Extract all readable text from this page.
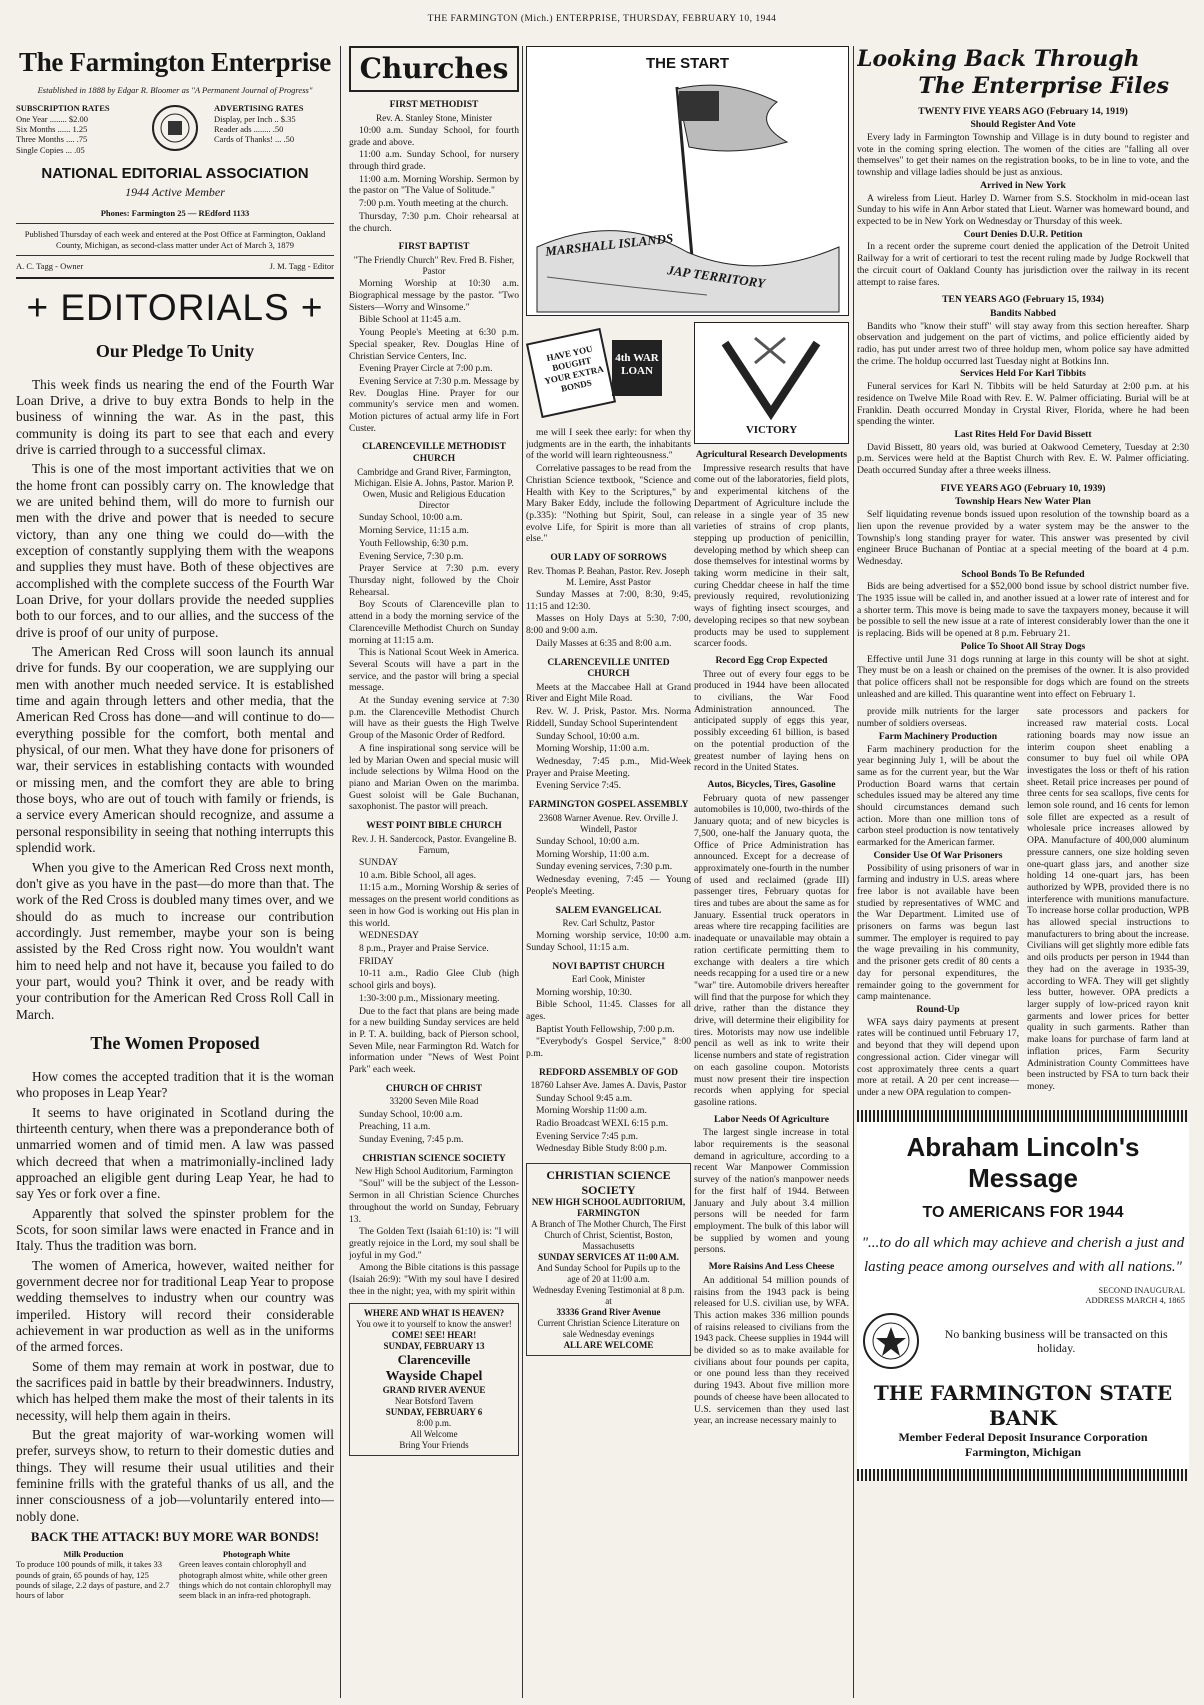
THE FARMINGTON (Mich.) ENTERPRISE, THURSDAY, FEBRUARY 10, 1944
The Farmington Enterprise
Established in 1888 by Edgar R. Bloomer as "A Permanent Journal of Progress"
SUBSCRIPTION RATES
One Year ........ $2.00
Six Months ...... 1.25
Three Months .... .75
Single Copies ... .05
ADVERTISING RATES
Display, per Inch .. $.35
Reader ads ........ .50
Cards of Thanks! ... .50
NATIONAL EDITORIAL ASSOCIATION
1944 Active Member
Phones: Farmington 25 — REdford 1133
Published Thursday of each week and entered at the Post Office at Farmington, Oakland County, Michigan, as second-class matter under Act of March 3, 1879
A. C. Tagg - Owner	J. M. Tagg - Editor
+ EDITORIALS +
Our Pledge To Unity

This week finds us nearing the end of the Fourth War Loan Drive, a drive to buy extra Bonds to help in the business of winning the war. As in the past, this community is doing its part to see that each and every drive is carried through to a successful climax.

This is one of the most important activities that we on the home front can possibly carry on. The knowledge that we are united behind them, will do more to furnish our men with the drive and power that is needed to secure victory, than any one thing we could do—with the exception of constantly supplying them with the weapons and supplies they must have. Both of these objectives are accomplished with the complete success of the Fourth War Loan Drive, for your dollars provide the needed supplies both to our forces, and to our allies, and the success of the drive is proof of our unity of purpose.

The American Red Cross will soon launch its annual drive for funds. By our cooperation, we are supplying our men with another much needed service. It is established time and again through letters and other media, that the American Red Cross has done—and will continue to do—everything possible for the comfort, both mental and physical, of our men. What they have done for prisoners of war, their services in establishing contacts with wounded or missing men, and the comfort they are able to bring those boys, who are out of touch with family or friends, is a service every American should recognize, and assume a personal responsibility in seeing that nothing interrupts this splendid work.

When you give to the American Red Cross next month, don't give as you have in the past—do more than that. The work of the Red Cross is doubled many times over, and we should do as much to increase our contribution accordingly. Just remember, maybe your son is being assisted by the Red Cross right now. You wouldn't want him to need help and not have it, because you failed to do your part, would you? Think it over, and be ready with your contribution for the American Red Cross Roll Call in March.

The Women Proposed

How comes the accepted tradition that it is the woman who proposes in Leap Year?

It seems to have originated in Scotland during the thirteenth century, when there was a preponderance both of unmarried women and of timid men. A law was passed which decreed that when a matrimonially-inclined lady approached an eligible gent during Leap Year, he had to say Yes or fork over a fine.

Apparently that solved the spinster problem for the Scots, for soon similar laws were enacted in France and in Italy. Thus the tradition was born.

The women of America, however, waited neither for government decree nor for traditional Leap Year to propose wedding themselves to industry when our country was imperiled. History will record their considerable achievement in war production as well as in the uniforms of the armed forces.

Some of them may remain at work in postwar, due to the sacrifices paid in battle by their breadwinners. Industry, which has helped them make the most of their talents in its necessity, will help them again in theirs.

But the great majority of war-working women will prefer, surveys show, to return to their domestic duties and things. They will resume their usual utilities and their feminine frills with the grateful thanks of us all, and the inner consciousness of a job—voluntarily entered into—nobly done.

BACK THE ATTACK! BUY MORE WAR BONDS!
Milk Production
To produce 100 pounds of milk, it takes 33 pounds of grain, 65 pounds of hay, 125 pounds of silage, 2.2 days of pasture, and 2.7 hours of labor
Photograph White
Green leaves contain chlorophyll and photograph almost white, while other green things which do not contain chlorophyll may seem black in an infra-red photograph.
Churches

FIRST METHODIST

Rev. A. Stanley Stone, Minister

10:00 a.m. Sunday School, for fourth grade and above.

11:00 a.m. Sunday School, for nursery through third grade.

11:00 a.m. Morning Worship. Sermon by the pastor on "The Value of Solitude."

7:00 p.m. Youth meeting at the church.

Thursday, 7:30 p.m. Choir rehearsal at the church.

FIRST BAPTIST

"The Friendly Church" Rev. Fred B. Fisher, Pastor

Morning Worship at 10:30 a.m. Biographical message by the pastor. "Two Sisters—Worry and Winsome."

Bible School at 11:45 a.m.

Young People's Meeting at 6:30 p.m. Special speaker, Rev. Douglas Hine of Christian Service Centers, Inc.

Evening Prayer Circle at 7:00 p.m.

Evening Service at 7:30 p.m. Message by Rev. Douglas Hine. Prayer for our community's service men and women. Motion pictures of actual army life in Fort Custer.

CLARENCEVILLE METHODIST CHURCH

Cambridge and Grand River, Farmington, Michigan. Elsie A. Johns, Pastor. Marion P. Owen, Music and Religious Education Director

Sunday School, 10:00 a.m.

Morning Service, 11:15 a.m.

Youth Fellowship, 6:30 p.m.

Evening Service, 7:30 p.m.

Prayer Service at 7:30 p.m. every Thursday night, followed by the Choir Rehearsal.

Boy Scouts of Clarenceville plan to attend in a body the morning service of the Clarenceville Methodist Church on Sunday morning at 11:15 a.m.

This is National Scout Week in America. Several Scouts will have a part in the service, and the pastor will bring a special message.

At the Sunday evening service at 7:30 p.m. the Clarenceville Methodist Church will have as their guests the High Twelve Group of the Masonic Order of Redford.

A fine inspirational song service will be led by Marian Owen and special music will include selections by Wilma Hood on the piano and Marian Owen on the marimba. Guest soloist will be Gale Buchanan, saxophonist. The pastor will preach.

WEST POINT BIBLE CHURCH

Rev. J. H. Sandercock, Pastor. Evangeline B. Farnum,

SUNDAY

10 a.m. Bible School, all ages.

11:15 a.m., Morning Worship & series of messages on the present world conditions as seen in how God is working out His plan in this world.

WEDNESDAY

8 p.m., Prayer and Praise Service.

FRIDAY

10-11 a.m., Radio Glee Club (high school girls and boys).

1:30-3:00 p.m., Missionary meeting.

Due to the fact that plans are being made for a new building Sunday services are held in P. T. A. building, back of Pierson school, Seven Mile, near Farmington Rd. Watch for information under "News of West Point Park" each week.

CHURCH OF CHRIST

33200 Seven Mile Road

Sunday School, 10:00 a.m.

Preaching, 11 a.m.

Sunday Evening, 7:45 p.m.

CHRISTIAN SCIENCE SOCIETY

New High School Auditorium, Farmington

"Soul" will be the subject of the Lesson-Sermon in all Christian Science Churches throughout the world on Sunday, February 13.

The Golden Text (Isaiah 61:10) is: "I will greatly rejoice in the Lord, my soul shall be joyful in my God."

Among the Bible citations is this passage (Isaiah 26:9): "With my soul have I desired thee in the night; yea, with my spirit within

WHERE AND WHAT IS HEAVEN?
You owe it to yourself to know the answer!
COME! SEE! HEAR!
SUNDAY, FEBRUARY 13
Clarenceville
Wayside Chapel
GRAND RIVER AVENUE
Near Botsford Tavern
SUNDAY, FEBRUARY 6
8:00 p.m.
All Welcome
Bring Your Friends
THE START
MARSHALL ISLANDS
JAP TERRITORY
HAVE YOU BOUGHT YOUR EXTRA BONDS
4th WAR LOAN

me will I seek thee early: for when thy judgments are in the earth, the inhabitants of the world will learn righteousness."

Correlative passages to be read from the Christian Science textbook, "Science and Health with Key to the Scriptures," by Mary Baker Eddy, include the following (p.335): "Nothing but Spirit, Soul, can evolve Life, for Spirit is more than all else."

OUR LADY OF SORROWS

Rev. Thomas P. Beahan, Pastor. Rev. Joseph M. Lemire, Asst Pastor

Sunday Masses at 7:00, 8:30, 9:45, 11:15 and 12:30.

Masses on Holy Days at 5:30, 7:00, 8:00 and 9:00 a.m.

Daily Masses at 6:35 and 8:00 a.m.

CLARENCEVILLE UNITED CHURCH

Meets at the Maccabee Hall at Grand River and Eight Mile Road.

Rev. W. J. Prisk, Pastor. Mrs. Norma Riddell, Sunday School Superintendent

Sunday School, 10:00 a.m.

Morning Worship, 11:00 a.m.

Wednesday, 7:45 p.m., Mid-Week Prayer and Praise Meeting.

Evening Service 7:45.

FARMINGTON GOSPEL ASSEMBLY

23608 Warner Avenue. Rev. Orville J. Windell, Pastor

Sunday School, 10:00 a.m.

Morning Worship, 11:00 a.m.

Sunday evening services, 7:30 p.m.

Wednesday evening, 7:45 — Young People's Meeting.

SALEM EVANGELICAL

Rev. Carl Schultz, Pastor

Morning worship service, 10:00 a.m. Sunday School, 11:15 a.m.

NOVI BAPTIST CHURCH

Earl Cook, Minister

Morning worship, 10:30.

Bible School, 11:45. Classes for all ages.

Baptist Youth Fellowship, 7:00 p.m.

"Everybody's Gospel Service," 8:00 p.m.

REDFORD ASSEMBLY OF GOD

18760 Lahser Ave. James A. Davis, Pastor

Sunday School 9:45 a.m.

Morning Worship 11:00 a.m.

Radio Broadcast WEXL 6:15 p.m.

Evening Service 7:45 p.m.

Wednesday Bible Study 8:00 p.m.

CHRISTIAN SCIENCE SOCIETY
NEW HIGH SCHOOL AUDITORIUM, FARMINGTON
A Branch of The Mother Church, The First Church of Christ, Scientist, Boston, Massachusetts
SUNDAY SERVICES AT 11:00 A.M.
And Sunday School for Pupils up to the age of 20 at 11:00 a.m.
Wednesday Evening Testimonial at 8 p.m. at
33336 Grand River Avenue
Current Christian Science Literature on sale Wednesday evenings
ALL ARE WELCOME
VICTORY

Agricultural Research Developments

Impressive research results that have come out of the laboratories, field plots, and experimental kitchens of the Department of Agriculture include the release in a single year of 35 new varieties of strains of crop plants, stepping up production of penicillin, developing method by which sheep can dose themselves for intestinal worms by taking worm medicine in their salt, curing Cheddar cheese in half the time previously required, revolutionizing ways of fighting insect scourges, and developing recipes so that new soybean products may be used to supplement scarcer foods.

Record Egg Crop Expected

Three out of every four eggs to be produced in 1944 have been allocated to civilians, the War Food Administration announced. The anticipated supply of eggs this year, possibly exceeding 61 billion, is based on the potential production of the greatest number of laying hens on record in the United States.

Autos, Bicycles, Tires, Gasoline

February quota of new passenger automobiles is 10,000, two-thirds of the January quota; and of new bicycles is 7,500, one-half the January quota, the Office of Price Administration has announced. Except for a decrease of approximately one-fourth in the number of used and reclaimed (grade III) passenger tires, February quotas for tires and tubes are about the same as for January. Essential truck operators in areas where tire recapping facilities are inadequate or unavailable may obtain a ration certificate permitting them to exchange with dealers a tire which needs recapping for a used tire or a new "war" tire. Automobile drivers hereafter will find that the purpose for which they drive, rather than the distance they drive, will determine their eligibility for tires. Motorists may now use indelible pencil as well as ink to write their license numbers and state of registration on each gasoline coupon. Motorists must now present their tire inspection records when applying for special gasoline rations.

Labor Needs Of Agriculture

The largest single increase in total labor requirements is the seasonal demand in agriculture, according to a recent War Manpower Commission survey of the nation's manpower needs for the first half of 1944. Between January and July about 3.4 million persons will be needed for farm employment. The bulk of this labor will be supplied by women and young persons.

More Raisins And Less Cheese

An additional 54 million pounds of raisins from the 1943 pack is being released for U.S. civilian use, by WFA. This action makes 336 million pounds of raisins released to civilians from the 1943 pack. Cheese supplies in 1944 will be divided so as to make available for civilians about four pounds per capita, or one pound less than they received during 1943. About five million more pounds of cheese have been allocated to U.S. servicemen than they used last year, an increase necessary mainly to

Looking Back Through
The Enterprise Files

TWENTY FIVE YEARS AGO (February 14, 1919)

Should Register And Vote

Every lady in Farmington Township and Village is in duty bound to register and vote in the coming spring election. The women of the cities are "falling all over themselves" to get their names on the registration books, to be in line to vote, and the township and village ladies should be just as anxious.

Arrived in New York

A wireless from Lieut. Harley D. Warner from S.S. Stockholm in mid-ocean last Sunday to his wife in Ann Arbor stated that Lieut. Warner was homeward bound, and expected to be in New York on Wednesday or Thursday of this week.

Court Denies D.U.R. Petition

In a recent order the supreme court denied the application of the Detroit United Railway for a writ of certiorari to test the recent ruling made by Judge Rockwell that the circuit court of Oakland County has jurisdiction over the railway in its recent attempt to raise fares.

TEN YEARS AGO (February 15, 1934)

Bandits Nabbed

Bandits who "know their stuff" will stay away from this section hereafter. Sharp observation and judgement on the part of victims, and police efficiently aided by radio, has put under arrest two of three holdup men, whom police say have admitted the crime. The holdup occurred last Tuesday night at Botkins Inn.

Services Held For Karl Tibbits

Funeral services for Karl N. Tibbits will be held Saturday at 2:00 p.m. at his residence on Twelve Mile Road with Rev. E. W. Palmer officiating. Burial will be at Franklin. Death occurred Monday in Crystal River, Florida, where he had been spending the winter.

Last Rites Held For David Bissett

David Bissett, 80 years old, was buried at Oakwood Cemetery, Tuesday at 2:30 p.m. Services were held at the Baptist Church with Rev. E. W. Palmer officiating. Death occurred Sunday after a three weeks illness.

FIVE YEARS AGO (February 10, 1939)

Township Hears New Water Plan

Self liquidating revenue bonds issued upon resolution of the township board as a lien upon the revenue provided by a water system may be the answer to the Township's long standing prayer for water. This answer was presented by civil engineer Bruce Buchanan of Pontiac at a special meeting of the board at 4 p.m. Wednesday.

School Bonds To Be Refunded

Bids are being advertised for a $52,000 bond issue by school district number five. The 1935 issue will be called in, and another issued at a lower rate of interest and for a shorter term. This move is being made to save the taxpayers money, because it will be possible to sell the new issue at a rate of interest considerably lower than the one it is replacing. Bids will be opened at 8 p.m. February 21.

Police To Shoot All Stray Dogs

Effective until June 31 dogs running at large in this county will be shot at sight. They must be on a leash or chained on the premises of the owner. It is also provided that police officers shall not be responsible for dogs which are found on the streets unleashed and are killed. This quarantine went into effect on February 1.

provide milk nutrients for the larger number of soldiers overseas.

Farm Machinery Production

Farm machinery production for the year beginning July 1, will be about the same as for the current year, but the War Production Board warns that certain schedules issued may be altered any time should circumstances demand such action. More than one million tons of carbon steel production is now tentatively earmarked for the American farmer.

Consider Use Of War Prisoners

Possibility of using prisoners of war in farming and industry in U.S. areas where free labor is not available have been studied by representatives of WMC and the War Department. Limited use of prisoners on farms was begun last summer. The employer is required to pay the wage prevailing in his community, and the prisoner gets credit of 80 cents a day for personal expenditures, the remainder going to the government for camp maintenance.

Round-Up

WFA says dairy payments at present rates will be continued until February 17, and beyond that they will depend upon congressional action. Cider vinegar will cost approximately three cents a quart more at retail. A 20 per cent increase—under a new OPA regulation to compen-

sate processors and packers for increased raw material costs. Local rationing boards may now issue an interim coupon sheet enabling a consumer to buy fuel oil while OPA investigates the loss or theft of his ration sheet. Retail price increases per pound of three cents for sea scallops, five cents for lemon sole round, and 16 cents for lemon sole fillet are expected as a result of wholesale price increases allowed by OPA. Manufacture of 400,000 aluminum pressure canners, one size holding seven one-quart glass jars, and another size holding 14 one-quart jars, has been authorized by WPB, provided there is no interference with munitions manufacture. To increase horse collar production, WPB has allowed special instructions to manufacturers to bring about the increase. Civilians will get slightly more edible fats and oils products per person in 1944 than they had on the average in 1935-39, according to WFA. They will get slightly less butter, however. OPA predicts a larger supply of low-priced rayon knit garments and lower prices for better quality in such garments. Rather than make loans for purchase of farm land at inflation prices, Farm Security Administration County Committees have been instructed by FSA to turn back their money.

Abraham Lincoln's
Message
TO AMERICANS FOR 1944
"...to do all which may achieve and cherish a just and lasting peace among ourselves and with all nations."
SECOND INAUGURAL ADDRESS MARCH 4, 1865
No banking business will be transacted on this holiday.
THE FARMINGTON STATE BANK
Member Federal Deposit Insurance Corporation
Farmington, Michigan
